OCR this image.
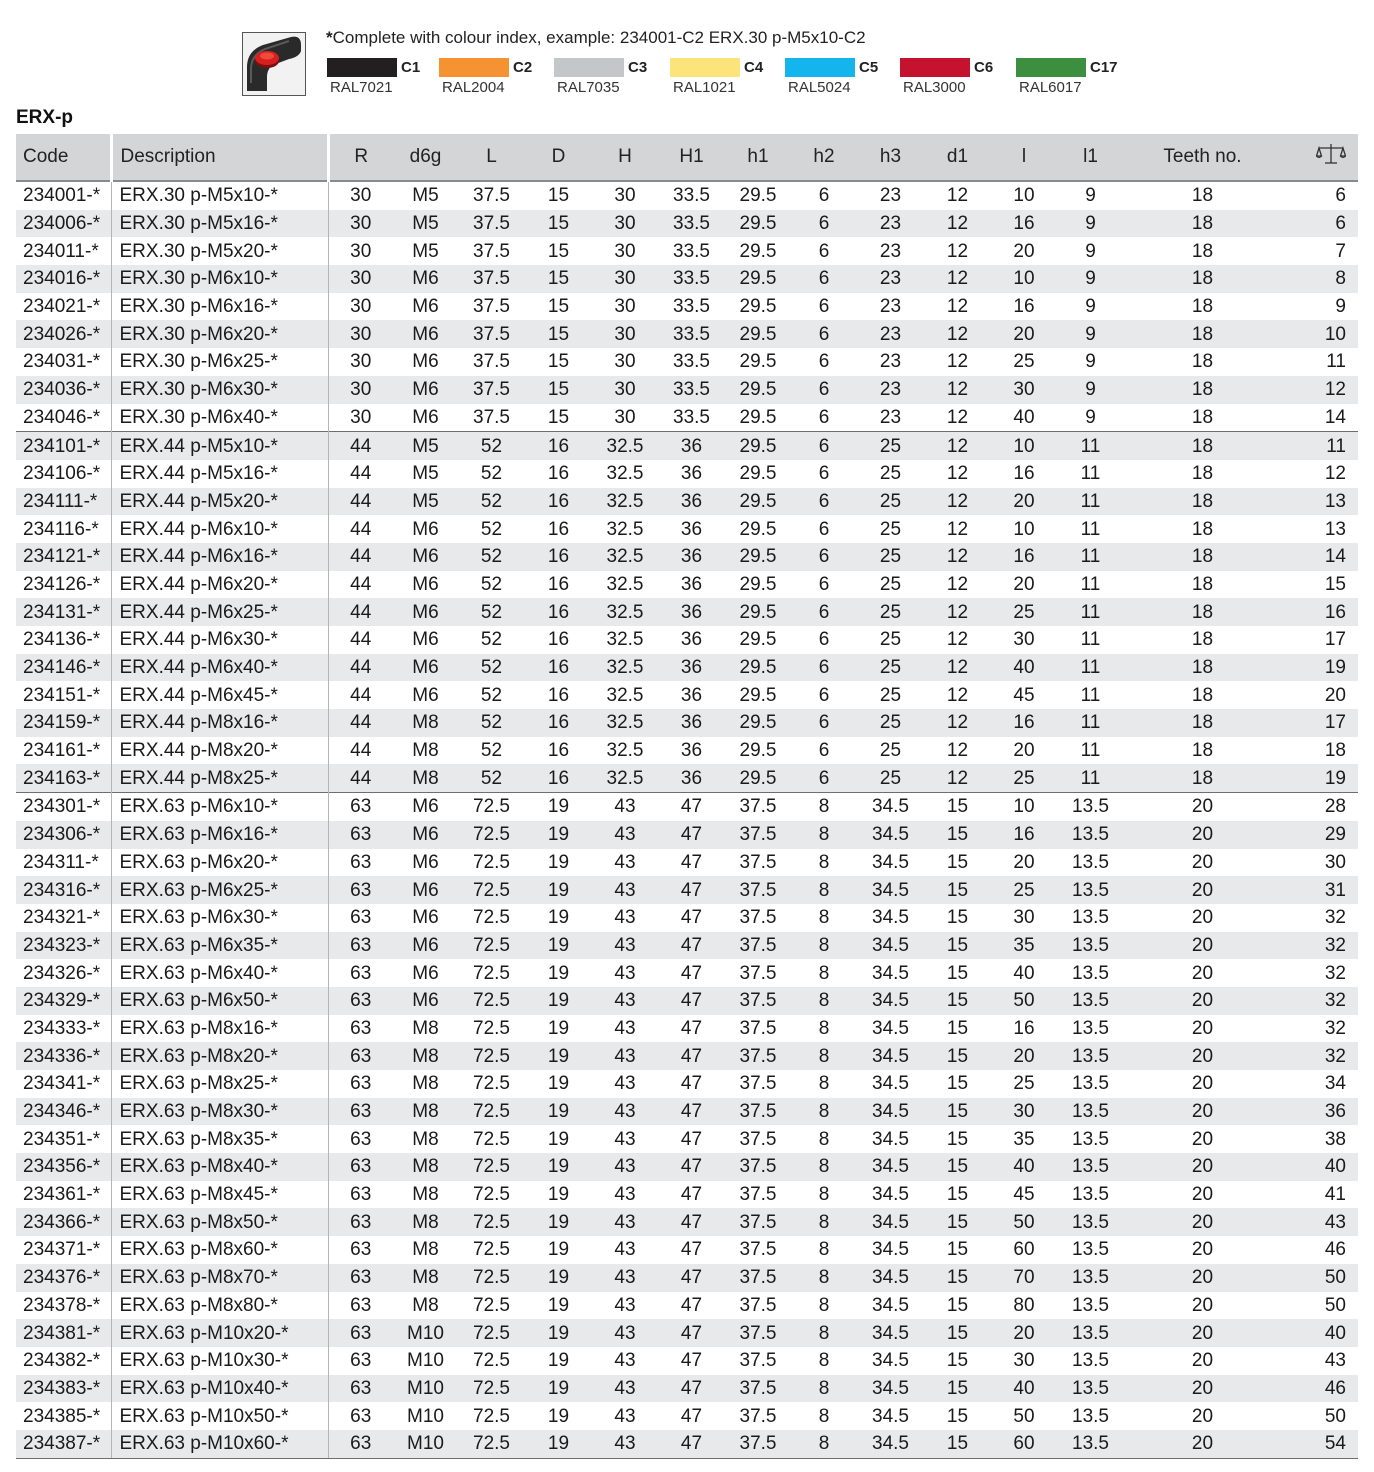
*Complete with colour index, example: 234001-C2 ERX.30 p-M5x10-C2
C1
RAL7021
C2
RAL2004
C3
RAL7035
C4
RAL1021
C5
RAL5024
C6
RAL3000
C17
RAL6017
ERX-p
Code	Description	R	d6g	L	D	H	H1	h1	h2	h3	d1	l	l1	Teeth no.	
234001-*	ERX.30 p-M5x10-*	30	M5	37.5	15	30	33.5	29.5	6	23	12	10	9	18	6
234006-*	ERX.30 p-M5x16-*	30	M5	37.5	15	30	33.5	29.5	6	23	12	16	9	18	6
234011-*	ERX.30 p-M5x20-*	30	M5	37.5	15	30	33.5	29.5	6	23	12	20	9	18	7
234016-*	ERX.30 p-M6x10-*	30	M6	37.5	15	30	33.5	29.5	6	23	12	10	9	18	8
234021-*	ERX.30 p-M6x16-*	30	M6	37.5	15	30	33.5	29.5	6	23	12	16	9	18	9
234026-*	ERX.30 p-M6x20-*	30	M6	37.5	15	30	33.5	29.5	6	23	12	20	9	18	10
234031-*	ERX.30 p-M6x25-*	30	M6	37.5	15	30	33.5	29.5	6	23	12	25	9	18	11
234036-*	ERX.30 p-M6x30-*	30	M6	37.5	15	30	33.5	29.5	6	23	12	30	9	18	12
234046-*	ERX.30 p-M6x40-*	30	M6	37.5	15	30	33.5	29.5	6	23	12	40	9	18	14
234101-*	ERX.44 p-M5x10-*	44	M5	52	16	32.5	36	29.5	6	25	12	10	11	18	11
234106-*	ERX.44 p-M5x16-*	44	M5	52	16	32.5	36	29.5	6	25	12	16	11	18	12
234111-*	ERX.44 p-M5x20-*	44	M5	52	16	32.5	36	29.5	6	25	12	20	11	18	13
234116-*	ERX.44 p-M6x10-*	44	M6	52	16	32.5	36	29.5	6	25	12	10	11	18	13
234121-*	ERX.44 p-M6x16-*	44	M6	52	16	32.5	36	29.5	6	25	12	16	11	18	14
234126-*	ERX.44 p-M6x20-*	44	M6	52	16	32.5	36	29.5	6	25	12	20	11	18	15
234131-*	ERX.44 p-M6x25-*	44	M6	52	16	32.5	36	29.5	6	25	12	25	11	18	16
234136-*	ERX.44 p-M6x30-*	44	M6	52	16	32.5	36	29.5	6	25	12	30	11	18	17
234146-*	ERX.44 p-M6x40-*	44	M6	52	16	32.5	36	29.5	6	25	12	40	11	18	19
234151-*	ERX.44 p-M6x45-*	44	M6	52	16	32.5	36	29.5	6	25	12	45	11	18	20
234159-*	ERX.44 p-M8x16-*	44	M8	52	16	32.5	36	29.5	6	25	12	16	11	18	17
234161-*	ERX.44 p-M8x20-*	44	M8	52	16	32.5	36	29.5	6	25	12	20	11	18	18
234163-*	ERX.44 p-M8x25-*	44	M8	52	16	32.5	36	29.5	6	25	12	25	11	18	19
234301-*	ERX.63 p-M6x10-*	63	M6	72.5	19	43	47	37.5	8	34.5	15	10	13.5	20	28
234306-*	ERX.63 p-M6x16-*	63	M6	72.5	19	43	47	37.5	8	34.5	15	16	13.5	20	29
234311-*	ERX.63 p-M6x20-*	63	M6	72.5	19	43	47	37.5	8	34.5	15	20	13.5	20	30
234316-*	ERX.63 p-M6x25-*	63	M6	72.5	19	43	47	37.5	8	34.5	15	25	13.5	20	31
234321-*	ERX.63 p-M6x30-*	63	M6	72.5	19	43	47	37.5	8	34.5	15	30	13.5	20	32
234323-*	ERX.63 p-M6x35-*	63	M6	72.5	19	43	47	37.5	8	34.5	15	35	13.5	20	32
234326-*	ERX.63 p-M6x40-*	63	M6	72.5	19	43	47	37.5	8	34.5	15	40	13.5	20	32
234329-*	ERX.63 p-M6x50-*	63	M6	72.5	19	43	47	37.5	8	34.5	15	50	13.5	20	32
234333-*	ERX.63 p-M8x16-*	63	M8	72.5	19	43	47	37.5	8	34.5	15	16	13.5	20	32
234336-*	ERX.63 p-M8x20-*	63	M8	72.5	19	43	47	37.5	8	34.5	15	20	13.5	20	32
234341-*	ERX.63 p-M8x25-*	63	M8	72.5	19	43	47	37.5	8	34.5	15	25	13.5	20	34
234346-*	ERX.63 p-M8x30-*	63	M8	72.5	19	43	47	37.5	8	34.5	15	30	13.5	20	36
234351-*	ERX.63 p-M8x35-*	63	M8	72.5	19	43	47	37.5	8	34.5	15	35	13.5	20	38
234356-*	ERX.63 p-M8x40-*	63	M8	72.5	19	43	47	37.5	8	34.5	15	40	13.5	20	40
234361-*	ERX.63 p-M8x45-*	63	M8	72.5	19	43	47	37.5	8	34.5	15	45	13.5	20	41
234366-*	ERX.63 p-M8x50-*	63	M8	72.5	19	43	47	37.5	8	34.5	15	50	13.5	20	43
234371-*	ERX.63 p-M8x60-*	63	M8	72.5	19	43	47	37.5	8	34.5	15	60	13.5	20	46
234376-*	ERX.63 p-M8x70-*	63	M8	72.5	19	43	47	37.5	8	34.5	15	70	13.5	20	50
234378-*	ERX.63 p-M8x80-*	63	M8	72.5	19	43	47	37.5	8	34.5	15	80	13.5	20	50
234381-*	ERX.63 p-M10x20-*	63	M10	72.5	19	43	47	37.5	8	34.5	15	20	13.5	20	40
234382-*	ERX.63 p-M10x30-*	63	M10	72.5	19	43	47	37.5	8	34.5	15	30	13.5	20	43
234383-*	ERX.63 p-M10x40-*	63	M10	72.5	19	43	47	37.5	8	34.5	15	40	13.5	20	46
234385-*	ERX.63 p-M10x50-*	63	M10	72.5	19	43	47	37.5	8	34.5	15	50	13.5	20	50
234387-*	ERX.63 p-M10x60-*	63	M10	72.5	19	43	47	37.5	8	34.5	15	60	13.5	20	54
